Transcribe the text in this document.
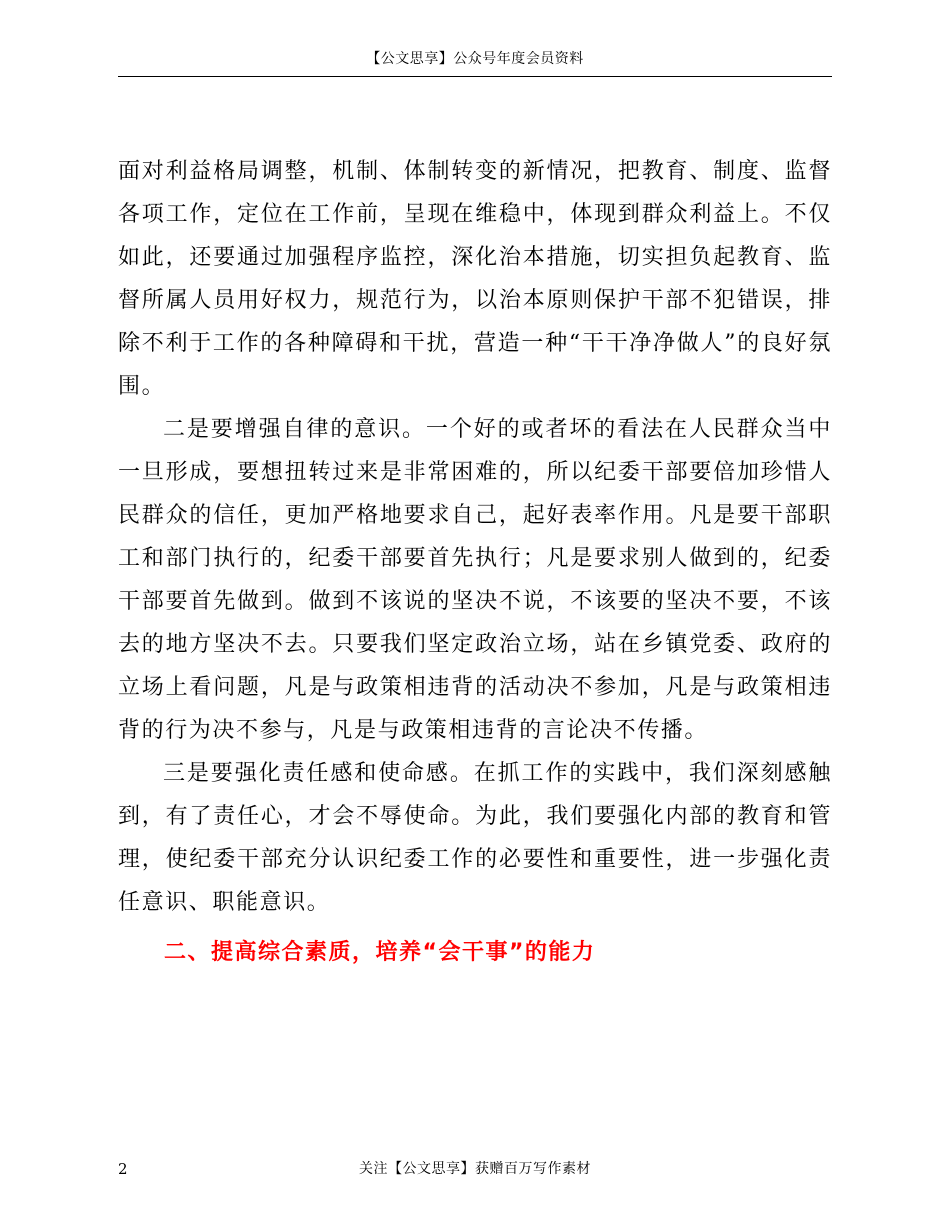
【公文思享】公众号年度会员资料

面对利益格局调整，机制、体制转变的新情况，把教育、制度、监督各项工作，定位在工作前，呈现在维稳中，体现到群众利益上。不仅如此，还要通过加强程序监控，深化治本措施，切实担负起教育、监督所属人员用好权力，规范行为，以治本原则保护干部不犯错误，排除不利于工作的各种障碍和干扰，营造一种“干干净净做人”的良好氛围。

二是要增强自律的意识。一个好的或者坏的看法在人民群众当中一旦形成，要想扭转过来是非常困难的，所以纪委干部要倍加珍惜人民群众的信任，更加严格地要求自己，起好表率作用。凡是要干部职工和部门执行的，纪委干部要首先执行；凡是要求别人做到的，纪委干部要首先做到。做到不该说的坚决不说，不该要的坚决不要，不该去的地方坚决不去。只要我们坚定政治立场，站在乡镇党委、政府的立场上看问题，凡是与政策相违背的活动决不参加，凡是与政策相违背的行为决不参与，凡是与政策相违背的言论决不传播。

三是要强化责任感和使命感。在抓工作的实践中，我们深刻感触到，有了责任心，才会不辱使命。为此，我们要强化内部的教育和管理，使纪委干部充分认识纪委工作的必要性和重要性，进一步强化责任意识、职能意识。

二、提高综合素质，培养“会干事”的能力
2	关注【公文思享】获赠百万写作素材
